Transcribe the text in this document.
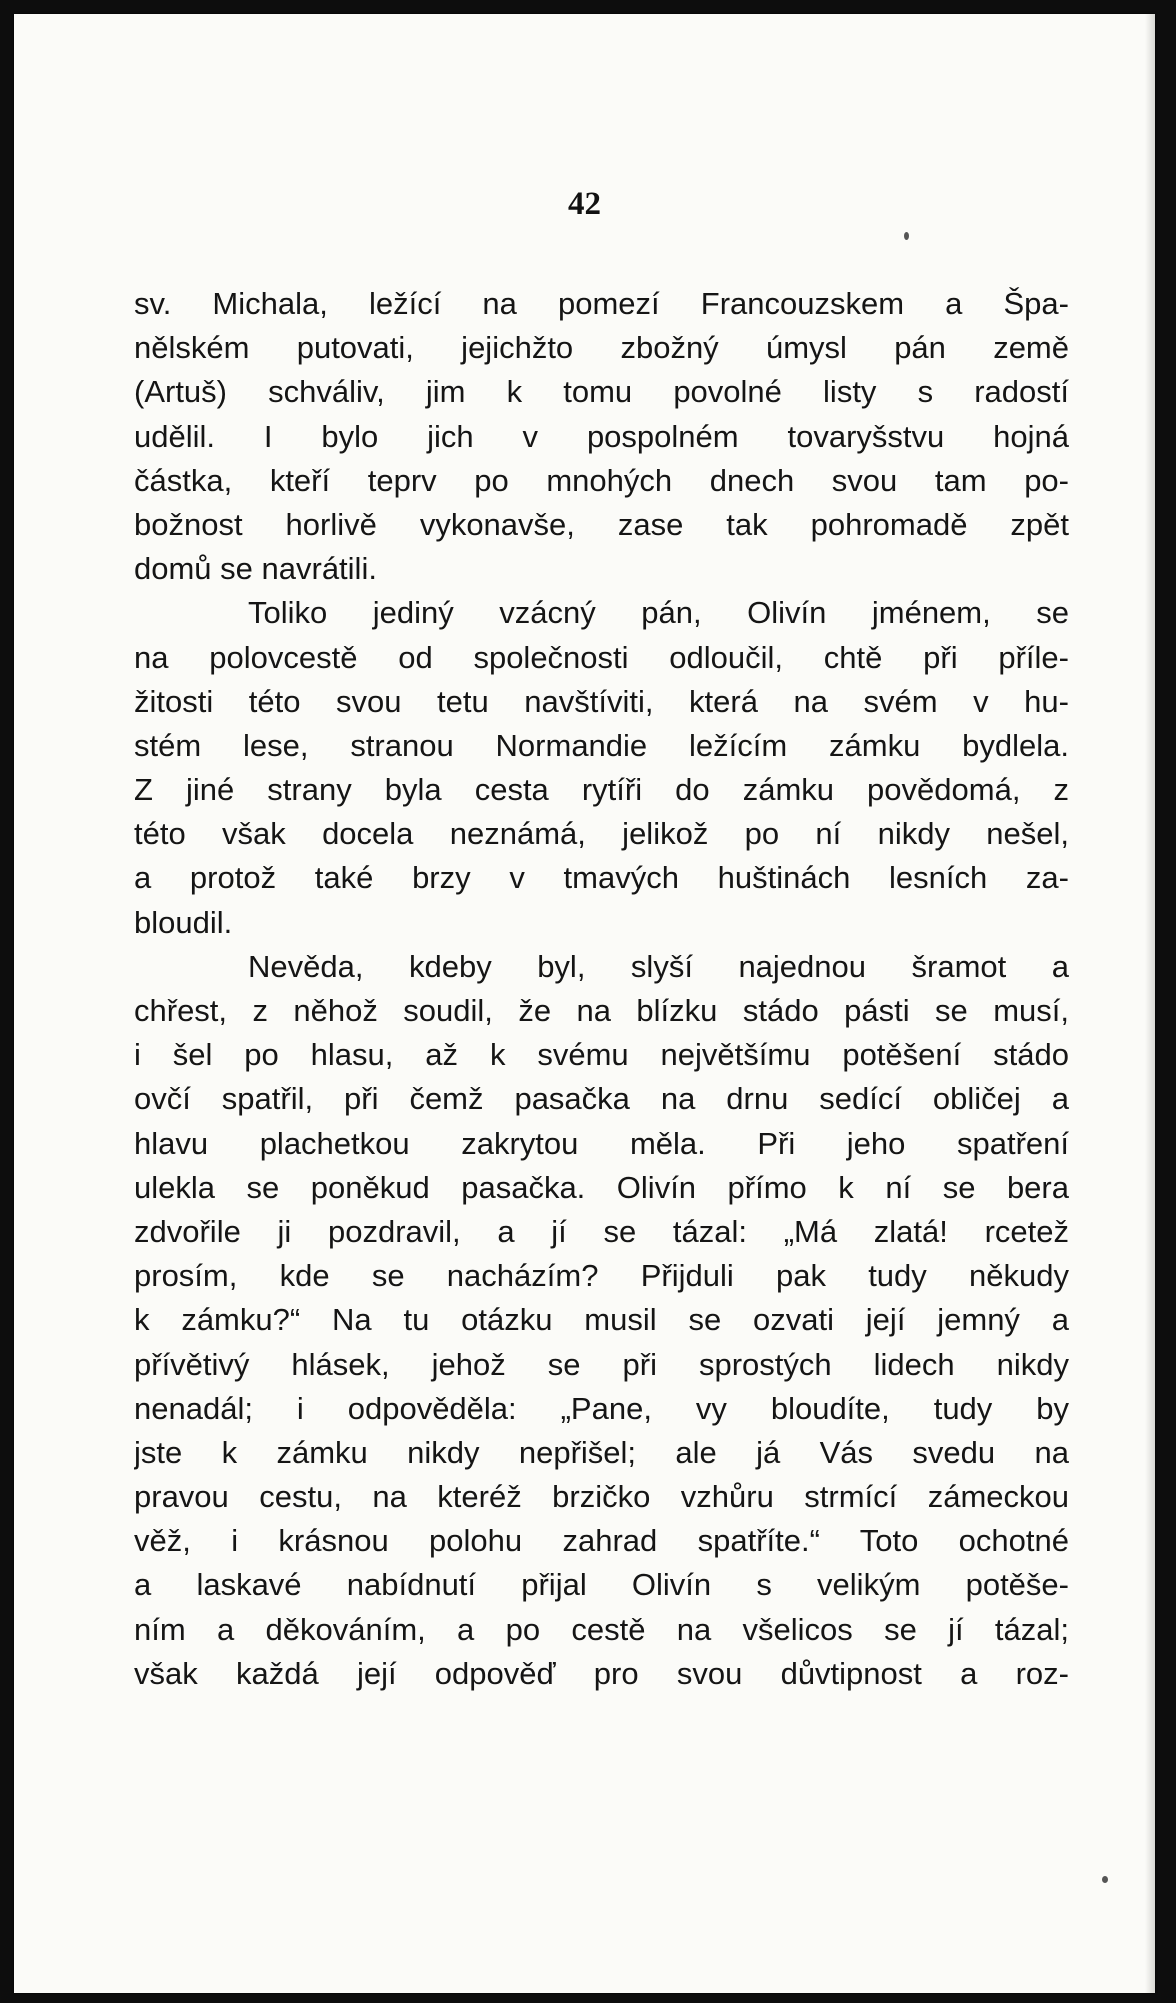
42
sv. Michala, ležící na pomezí Francouzskem a Špa-
nělském putovati, jejichžto zbožný úmysl pán země
(Artuš) schváliv, jim k tomu povolné listy s radostí
udělil. I bylo jich v pospolném tovaryšstvu hojná
částka, kteří teprv po mnohých dnech svou tam po-
božnost horlivě vykonavše, zase tak pohromadě zpět
domů se navrátili.
Toliko jediný vzácný pán, Olivín jménem, se
na polovcestě od společnosti odloučil, chtě při příle-
žitosti této svou tetu navštíviti, která na svém v hu-
stém lese, stranou Normandie ležícím zámku bydlela.
Z jiné strany byla cesta rytíři do zámku povědomá, z
této však docela neznámá, jelikož po ní nikdy nešel,
a protož také brzy v tmavých huštinách lesních za-
bloudil.
Nevěda, kdeby byl, slyší najednou šramot a
chřest, z něhož soudil, že na blízku stádo pásti se musí,
i šel po hlasu, až k svému největšímu potěšení stádo
ovčí spatřil, při čemž pasačka na drnu sedící obličej a
hlavu plachetkou zakrytou měla. Při jeho spatření
ulekla se poněkud pasačka. Olivín přímo k ní se bera
zdvořile ji pozdravil, a jí se tázal: „Má zlatá! rcetež
prosím, kde se nacházím? Přijduli pak tudy někudy
k zámku?“ Na tu otázku musil se ozvati její jemný a
přívětivý hlásek, jehož se při sprostých lidech nikdy
nenadál; i odpověděla: „Pane, vy bloudíte, tudy by
jste k zámku nikdy nepřišel; ale já Vás svedu na
pravou cestu, na kteréž brzičko vzhůru strmící zámeckou
věž, i krásnou polohu zahrad spatříte.“ Toto ochotné
a laskavé nabídnutí přijal Olivín s velikým potěše-
ním a děkováním, a po cestě na všelicos se jí tázal;
však každá její odpověď pro svou důvtipnost a roz-
